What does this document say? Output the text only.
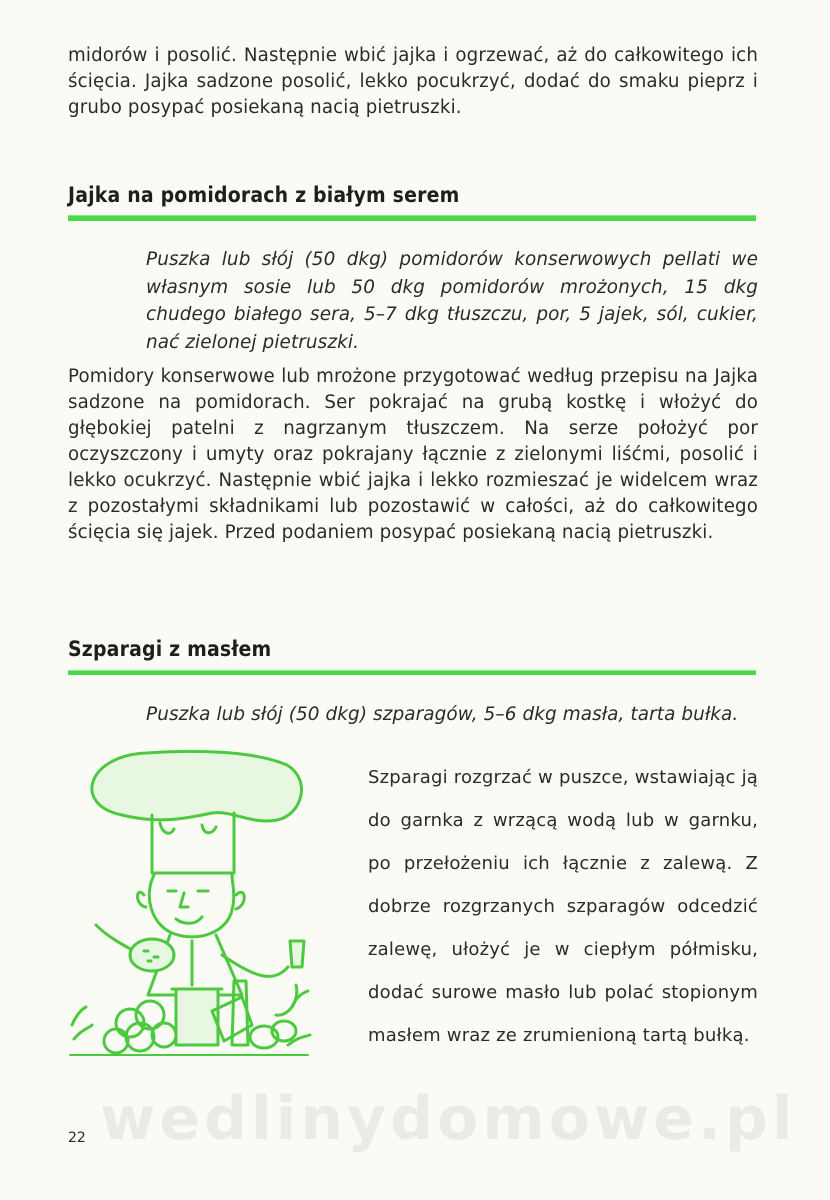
midorów i posolić. Następnie wbić jajka i ogrzewać, aż do całkowitego ich ścięcia. Jajka sadzone posolić, lekko pocukrzyć, dodać do smaku pieprz i grubo posypać posiekaną nacią pietruszki.

Jajka na pomidorach z białym serem

Puszka lub słój (50 dkg) pomidorów konserwowych pellati we własnym sosie lub 50 dkg pomidorów mrożonych, 15 dkg chudego białego sera, 5–7 dkg tłuszczu, por, 5 jajek, sól, cukier, nać zielonej pietruszki.

Pomidory konserwowe lub mrożone przygotować według przepisu na Jajka sadzone na pomidorach. Ser pokrajać na grubą kostkę i włożyć do głębokiej patelni z nagrzanym tłuszczem. Na serze położyć por oczyszczony i umyty oraz pokrajany łącznie z zielonymi liśćmi, posolić i lekko ocukrzyć. Następnie wbić jajka i lekko rozmieszać je widelcem wraz z pozostałymi składnikami lub pozostawić w całości, aż do całkowitego ścięcia się jajek. Przed podaniem posypać posiekaną nacią pietruszki.

Szparagi z masłem

Puszka lub słój (50 dkg) szparagów, 5–6 dkg masła, tarta bułka.

Szparagi rozgrzać w puszce, wstawiając ją do garnka z wrzącą wodą lub w garnku, po przełożeniu ich łącznie z zalewą. Z dobrze rozgrzanych szparagów odcedzić zalewę, ułożyć je w ciepłym półmisku, dodać surowe masło lub polać stopionym masłem wraz ze zrumienioną tartą bułką.

wedlinydomowe.pl
22
